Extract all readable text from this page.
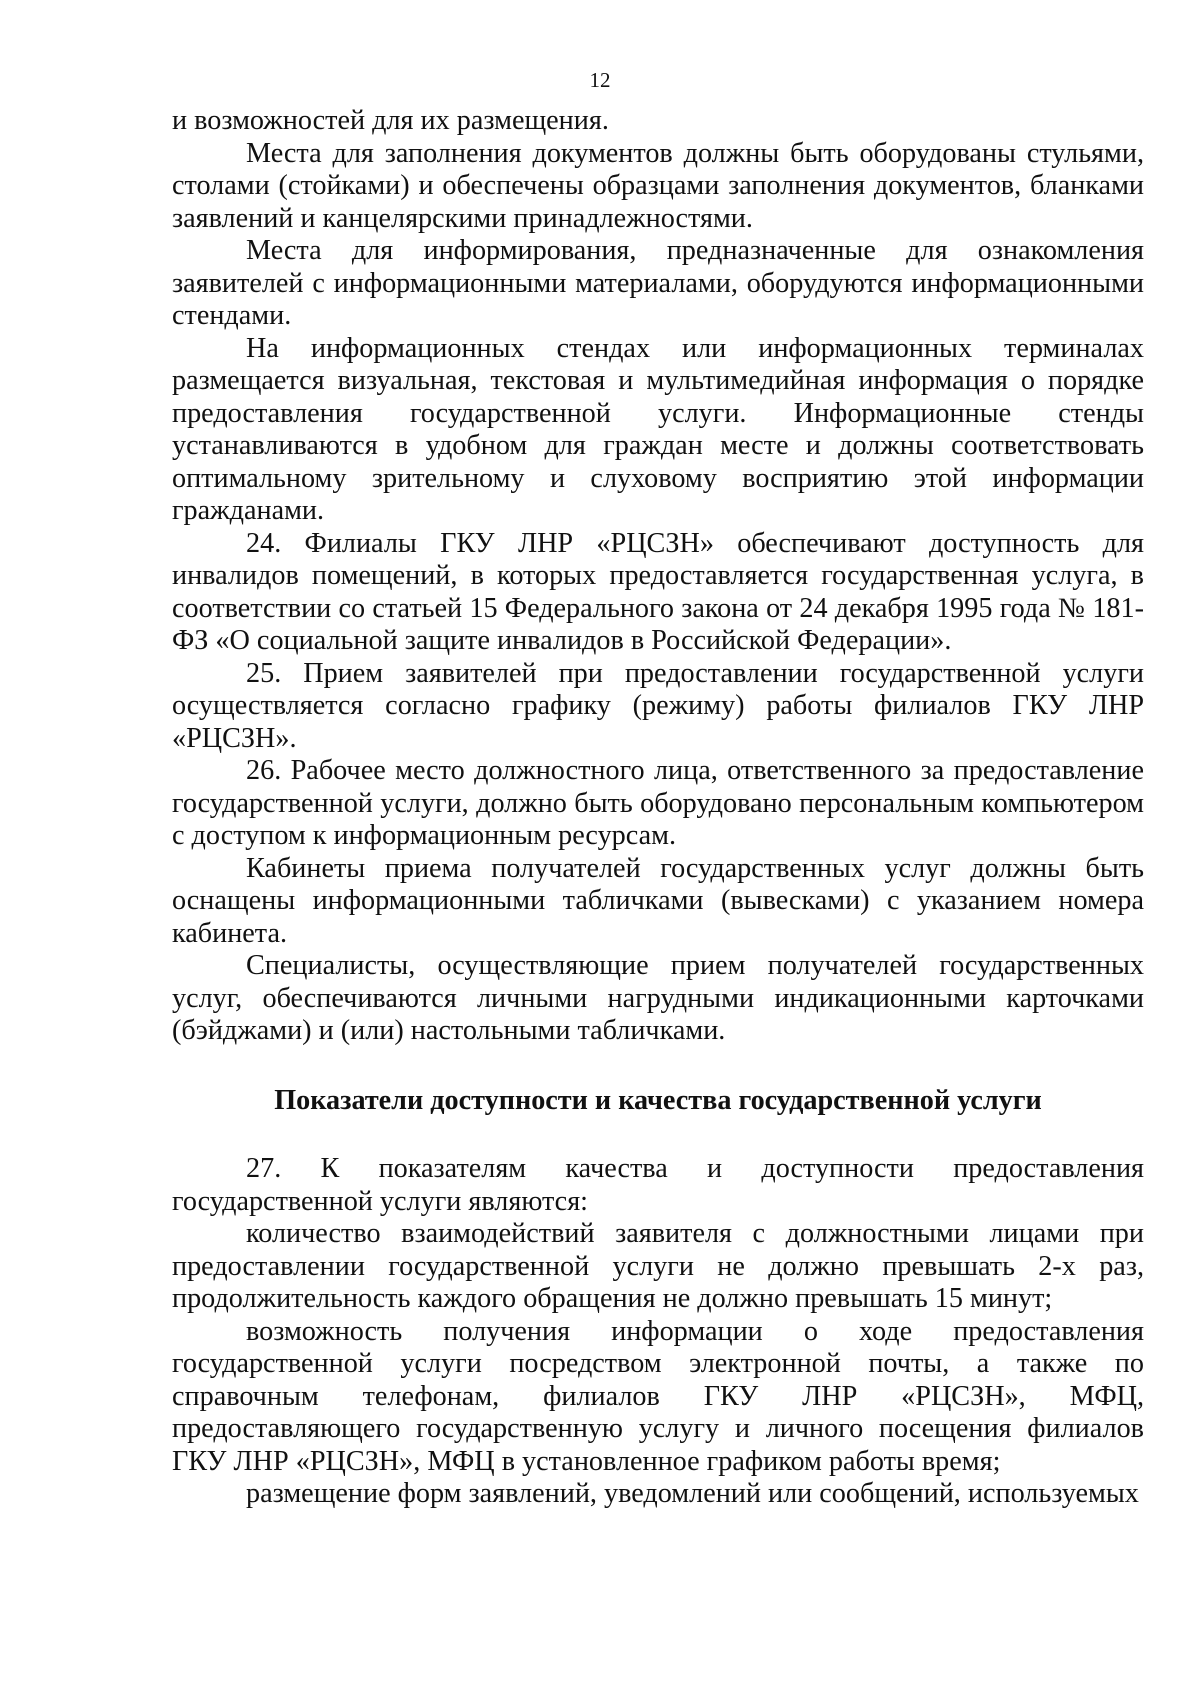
12

и возможностей для их размещения.

Места для заполнения документов должны быть оборудованы стульями, столами (стойками) и обеспечены образцами заполнения документов, бланками заявлений и канцелярскими принадлежностями.

Места для информирования, предназначенные для ознакомления заявителей с информационными материалами, оборудуются информационными стендами.

На информационных стендах или информационных терминалах размещается визуальная, текстовая и мультимедийная информация о порядке предоставления государственной услуги. Информационные стенды устанавливаются в удобном для граждан месте и должны соответствовать оптимальному зрительному и слуховому восприятию этой информации гражданами.

24. Филиалы ГКУ ЛНР «РЦСЗН» обеспечивают доступность для инвалидов помещений, в которых предоставляется государственная услуга, в соответствии со статьей 15 Федерального закона от 24 декабря 1995 года № 181-ФЗ «О социальной защите инвалидов в Российской Федерации».

25. Прием заявителей при предоставлении государственной услуги осуществляется согласно графику (режиму) работы филиалов ГКУ ЛНР «РЦСЗН».

26. Рабочее место должностного лица, ответственного за предоставление государственной услуги, должно быть оборудовано персональным компьютером с доступом к информационным ресурсам.

Кабинеты приема получателей государственных услуг должны быть оснащены информационными табличками (вывесками) с указанием номера кабинета.

Специалисты, осуществляющие прием получателей государственных услуг, обеспечиваются личными нагрудными индикационными карточками (бэйджами) и (или) настольными табличками.

Показатели доступности и качества государственной услуги

27. К показателям качества и доступности предоставления государственной услуги являются:

количество взаимодействий заявителя с должностными лицами при предоставлении государственной услуги не должно превышать 2-х раз, продолжительность каждого обращения не должно превышать 15 минут;

возможность получения информации о ходе предоставления государственной услуги посредством электронной почты, а также по справочным телефонам, филиалов ГКУ ЛНР «РЦСЗН», МФЦ, предоставляющего государственную услугу и личного посещения филиалов ГКУ ЛНР «РЦСЗН», МФЦ в установленное графиком работы время;

размещение форм заявлений, уведомлений или сообщений, используемых
